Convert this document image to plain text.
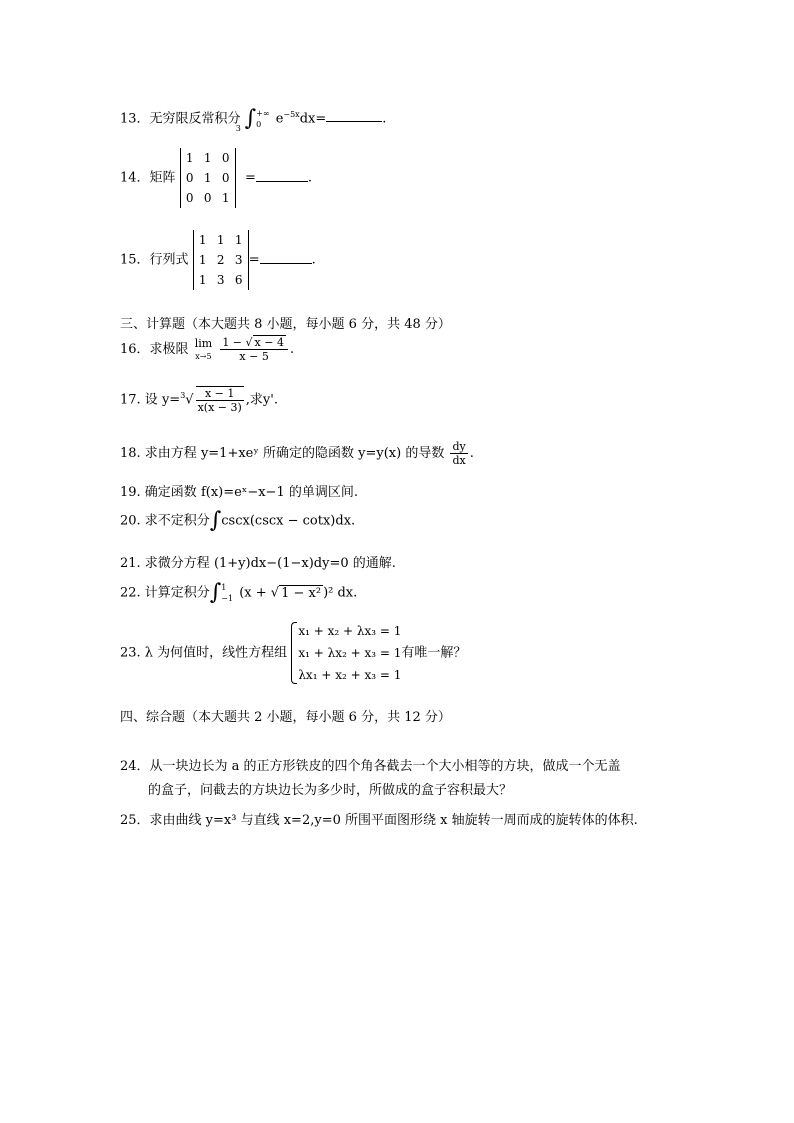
13．无穷限反常积分 ∫+∞
0 $e^{-5x}dx=$	.
14．矩阵
1	1	0
0	1	0
0	0	1
$^3$ =	.
15．行列式
1	1	1
1	2	3
1	3	6
=	.
三、计算题（本大题共 8 小题，每小题 6 分，共 48 分）
16．求极限 lim
x→5
$\frac{1 - √ x - 4}{x - 5}$ .
17. 设 $y=^3√ \frac{x - 1}{x(x - 3)}$ ,求y'.
18. 求由方程 y=1+xeʸ 所确定的隐函数 y=y(x) 的导数 $\frac{dy}{dx}$ .
19. 确定函数 f(x)=eˣ−x−1 的单调区间.
20. 求不定积分∫cscx(cscx − cotx)dx.
21. 求微分方程 (1+y)dx−(1−x)dy=0 的通解.
22. 计算定积分∫1
−1 (x + √ 1 − x² )² dx.
23. λ 为何值时，线性方程组
x₁ + x₂ + λx₃ = 1
x₁ + λx₂ + x₃ = 1
λx₁ + x₂ + x₃ = 1有唯一解？
四、综合题（本大题共 2 小题，每小题 6 分，共 12 分）
24．从一块边长为 a 的正方形铁皮的四个角各截去一个大小相等的方块，做成一个无盖
的盒子，问截去的方块边长为多少时，所做成的盒子容积最大？
25．求由曲线 y=x³ 与直线 x=2,y=0 所围平面图形绕 x 轴旋转一周而成的旋转体的体积.
